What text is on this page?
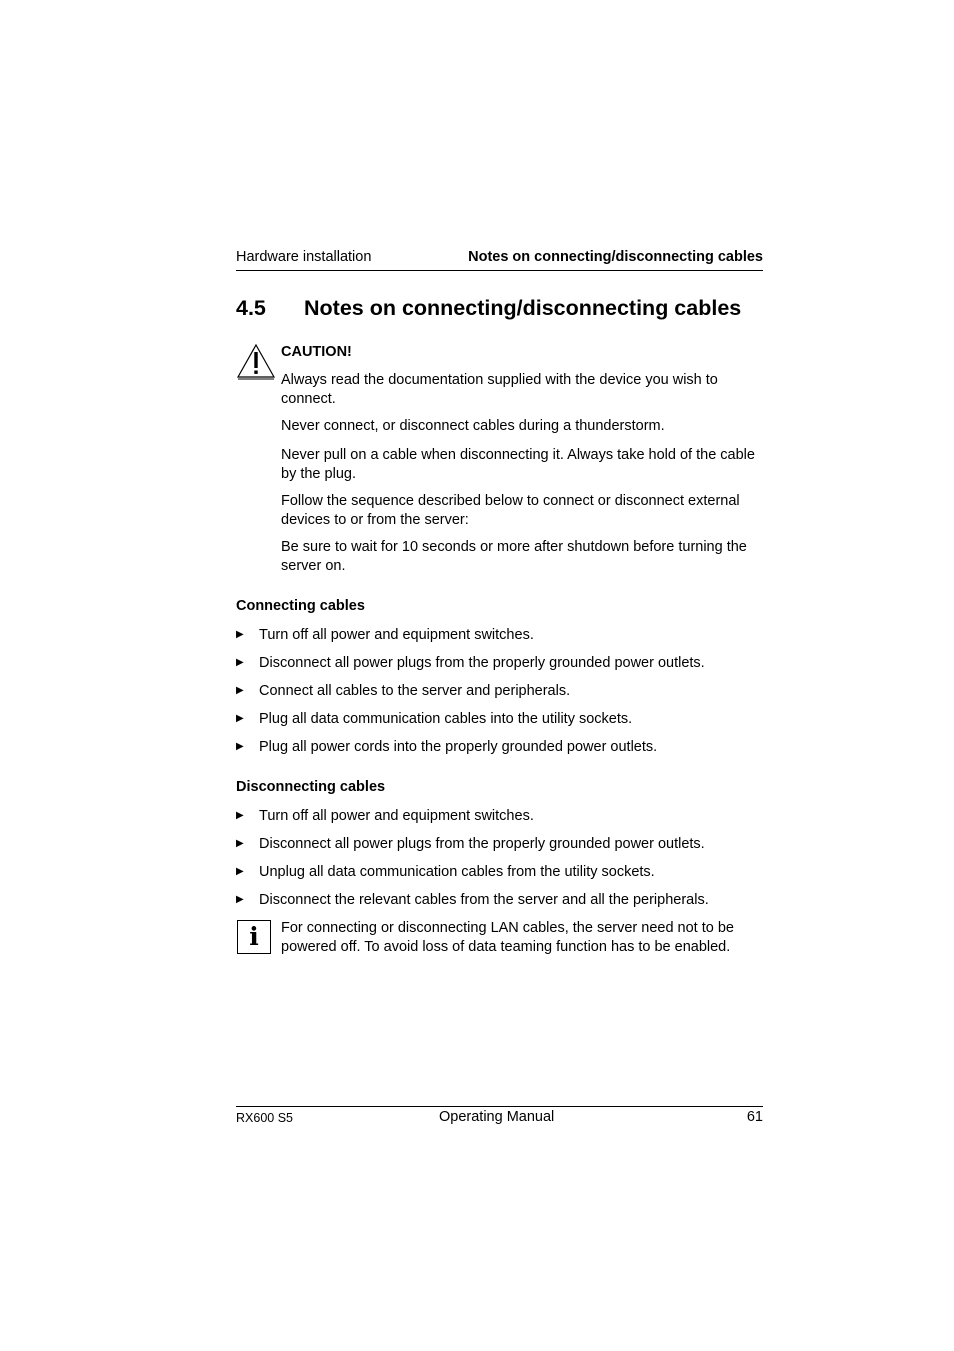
Hardware installation	Notes on connecting/disconnecting cables
4.5 Notes on connecting/disconnecting cables
CAUTION!
Always read the documentation supplied with the device you wish to connect.
Never connect, or disconnect cables during a thunderstorm.
Never pull on a cable when disconnecting it. Always take hold of the cable by the plug.
Follow the sequence described below to connect or disconnect external devices to or from the server:
Be sure to wait for 10 seconds or more after shutdown before turning the server on.
Connecting cables
▶ Turn off all power and equipment switches.
▶ Disconnect all power plugs from the properly grounded power outlets.
▶ Connect all cables to the server and peripherals.
▶ Plug all data communication cables into the utility sockets.
▶ Plug all power cords into the properly grounded power outlets.
Disconnecting cables
▶ Turn off all power and equipment switches.
▶ Disconnect all power plugs from the properly grounded power outlets.
▶ Unplug all data communication cables from the utility sockets.
▶ Disconnect the relevant cables from the server and all the peripherals.
i	For connecting or disconnecting LAN cables, the server need not to be powered off. To avoid loss of data teaming function has to be enabled.
RX600 S5	Operating Manual	61
